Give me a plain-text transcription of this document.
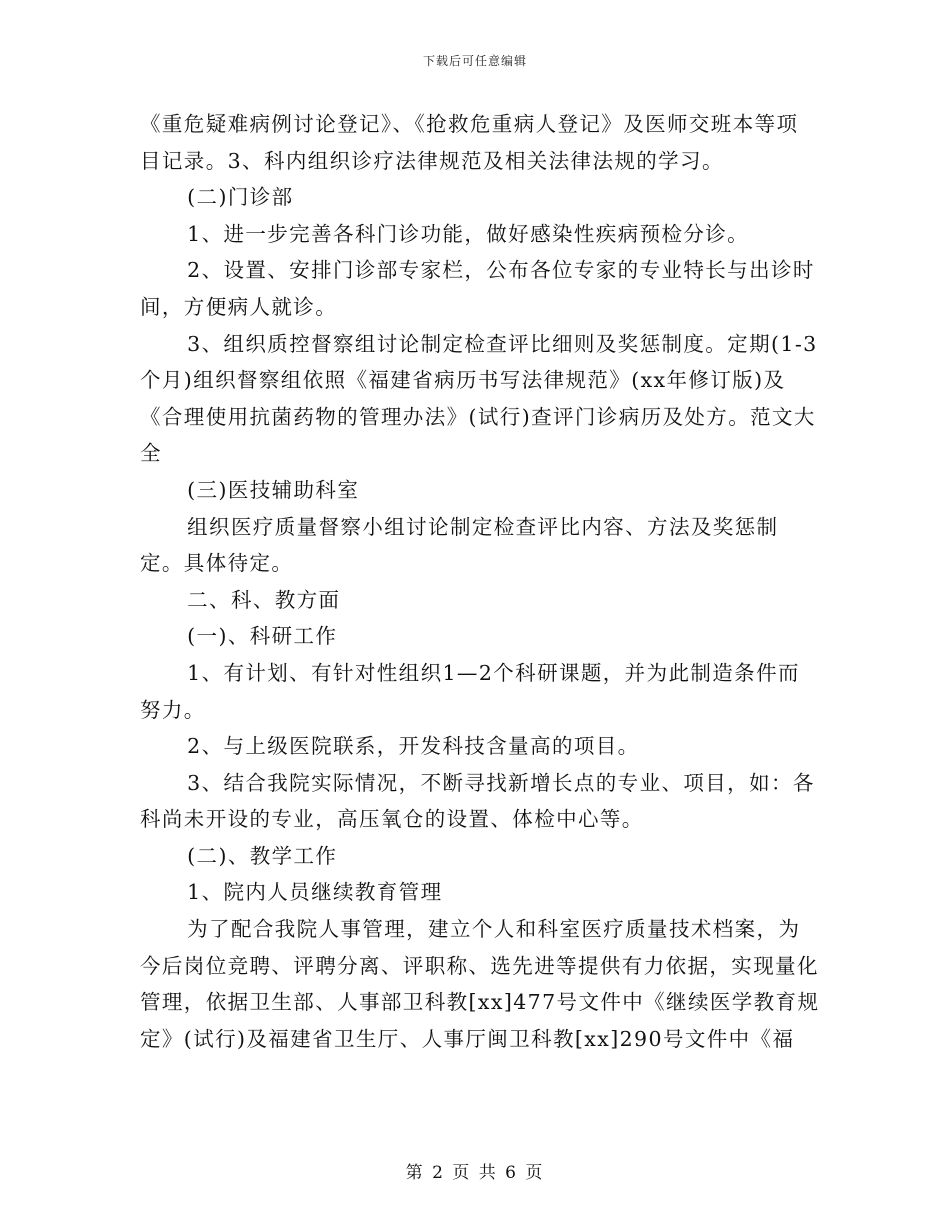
下载后可任意编辑

《重危疑难病例讨论登记》、《抢救危重病人登记》及医师交班本等项目记录。3、科内组织诊疗法律规范及相关法律法规的学习。

(二)门诊部

1、进一步完善各科门诊功能，做好感染性疾病预检分诊。

2、设置、安排门诊部专家栏，公布各位专家的专业特长与出诊时间，方便病人就诊。

3、组织质控督察组讨论制定检查评比细则及奖惩制度。定期(1-3个月)组织督察组依照《福建省病历书写法律规范》(xx年修订版)及《合理使用抗菌药物的管理办法》(试行)查评门诊病历及处方。范文大全

(三)医技辅助科室

组织医疗质量督察小组讨论制定检查评比内容、方法及奖惩制定。具体待定。

二、科、教方面

(一)、科研工作

1、有计划、有针对性组织1—2个科研课题，并为此制造条件而努力。

2、与上级医院联系，开发科技含量高的项目。

3、结合我院实际情况，不断寻找新增长点的专业、项目，如：各科尚未开设的专业，高压氧仓的设置、体检中心等。

(二)、教学工作

1、院内人员继续教育管理

为了配合我院人事管理，建立个人和科室医疗质量技术档案，为今后岗位竞聘、评聘分离、评职称、选先进等提供有力依据，实现量化管理，依据卫生部、人事部卫科教[xx]477号文件中《继续医学教育规定》(试行)及福建省卫生厅、人事厅闽卫科教[xx]290号文件中《福

第 2 页 共 6 页
